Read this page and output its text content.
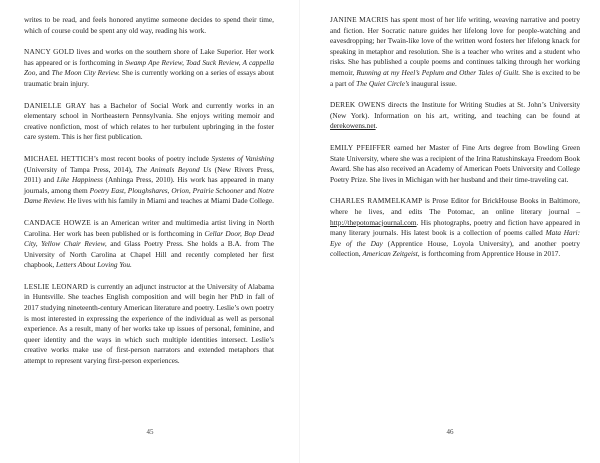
writes to be read, and feels honored anytime someone decides to spend their time, which of course could be spent any old way, reading his work.

NANCY GOLD lives and works on the southern shore of Lake Superior. Her work has appeared or is forthcoming in Swamp Ape Review, Toad Suck Review, A cappella Zoo, and The Moon City Review. She is currently working on a series of essays about traumatic brain injury.

DANIELLE GRAY has a Bachelor of Social Work and currently works in an elementary school in Northeastern Pennsylvania. She enjoys writing memoir and creative nonfiction, most of which relates to her turbulent upbringing in the foster care system. This is her first publication.

MICHAEL HETTICH’s most recent books of poetry include Systems of Vanishing (University of Tampa Press, 2014), The Animals Beyond Us (New Rivers Press, 2011) and Like Happiness (Anhinga Press, 2010). His work has appeared in many journals, among them Poetry East, Ploughshares, Orion, Prairie Schooner and Notre Dame Review. He lives with his family in Miami and teaches at Miami Dade College.

CANDACE HOWZE is an American writer and multimedia artist living in North Carolina. Her work has been published or is forthcoming in Cellar Door, Bop Dead City, Yellow Chair Review, and Glass Poetry Press. She holds a B.A. from The University of North Carolina at Chapel Hill and recently completed her first chapbook, Letters About Loving You.

LESLIE LEONARD is currently an adjunct instructor at the University of Alabama in Huntsville. She teaches English composition and will begin her PhD in fall of 2017 studying nineteenth-century American literature and poetry. Leslie’s own poetry is most interested in expressing the experience of the individual as well as personal experience. As a result, many of her works take up issues of personal, feminine, and queer identity and the ways in which such multiple identities intersect. Leslie’s creative works make use of first-person narrators and extended metaphors that attempt to represent varying first-person experiences.

45

JANINE MACRIS has spent most of her life writing, weaving narrative and poetry and fiction. Her Socratic nature guides her lifelong love for people-watching and eavesdropping; her Twain-like love of the written word fosters her lifelong knack for speaking in metaphor and resolution. She is a teacher who writes and a student who risks. She has published a couple poems and continues talking through her working memoir, Running at my Heel’s Peplum and Other Tales of Guilt. She is excited to be a part of The Quiet Circle’s inaugural issue.

DEREK OWENS directs the Institute for Writing Studies at St. John’s University (New York). Information on his art, writing, and teaching can be found at derekowens.net.

EMILY PFEIFFER earned her Master of Fine Arts degree from Bowling Green State University, where she was a recipient of the Irina Ratushinskaya Freedom Book Award. She has also received an Academy of American Poets University and College Poetry Prize. She lives in Michigan with her husband and their time-traveling cat.

CHARLES RAMMELKAMP is Prose Editor for BrickHouse Books in Baltimore, where he lives, and edits The Potomac, an online literary journal – http://thepotomacjournal.com. His photographs, poetry and fiction have appeared in many literary journals. His latest book is a collection of poems called Mata Hari: Eye of the Day (Apprentice House, Loyola University), and another poetry collection, American Zeitgeist, is forthcoming from Apprentice House in 2017.

46
